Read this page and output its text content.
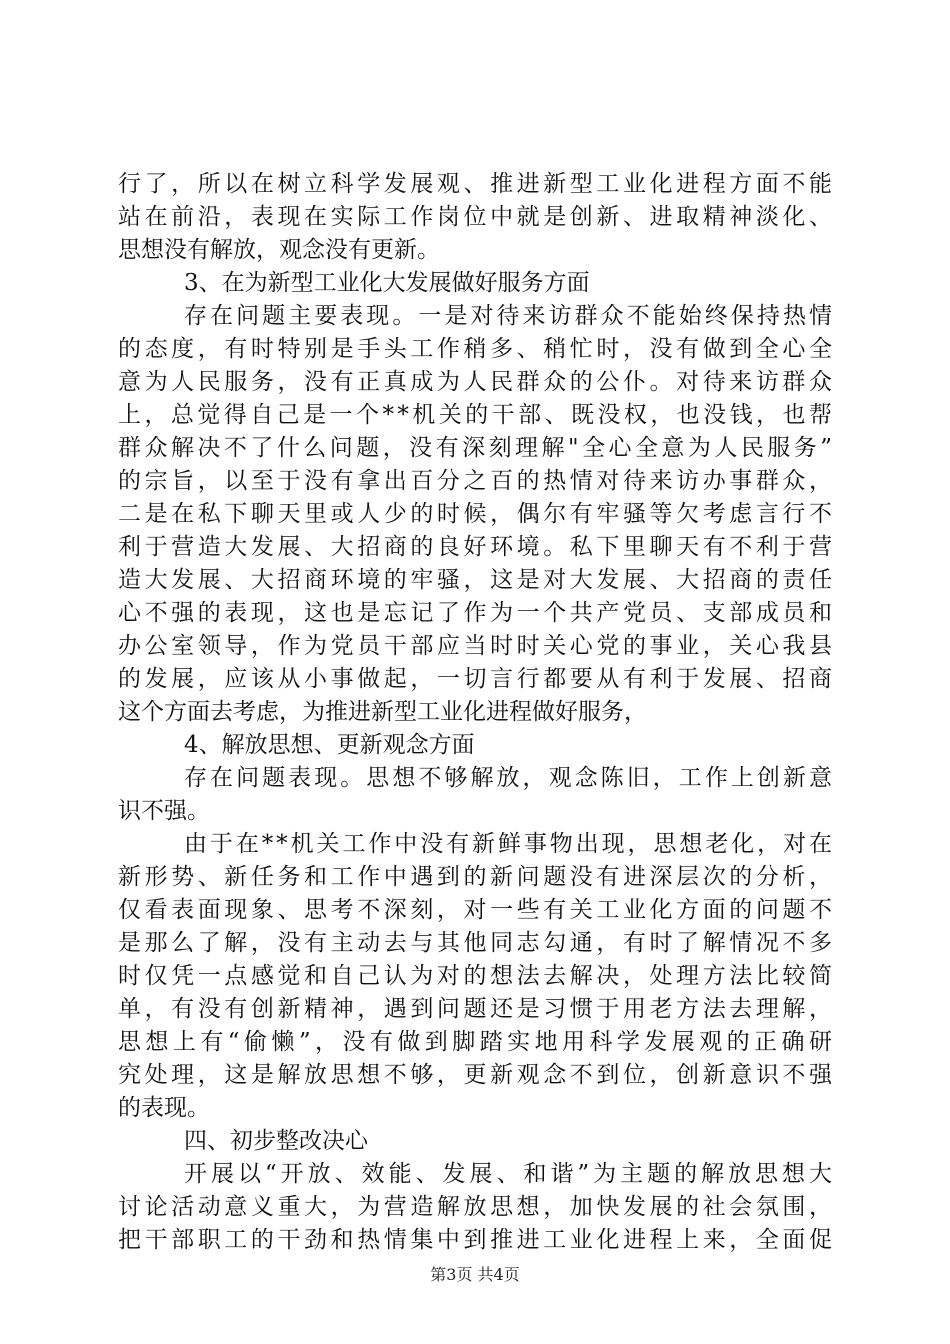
行了，所以在树立科学发展观、推进新型工业化进程方面不能
站在前沿，表现在实际工作岗位中就是创新、进取精神淡化、
思想没有解放，观念没有更新。
3、在为新型工业化大发展做好服务方面
存在问题主要表现。一是对待来访群众不能始终保持热情
的态度，有时特别是手头工作稍多、稍忙时，没有做到全心全
意为人民服务，没有正真成为人民群众的公仆。对待来访群众
上，总觉得自己是一个**机关的干部、既没权，也没钱，也帮
群众解决不了什么问题，没有深刻理解"全心全意为人民服务”
的宗旨，以至于没有拿出百分之百的热情对待来访办事群众，
二是在私下聊天里或人少的时候，偶尔有牢骚等欠考虑言行不
利于营造大发展、大招商的良好环境。私下里聊天有不利于营
造大发展、大招商环境的牢骚，这是对大发展、大招商的责任
心不强的表现，这也是忘记了作为一个共产党员、支部成员和
办公室领导，作为党员干部应当时时关心党的事业，关心我县
的发展，应该从小事做起，一切言行都要从有利于发展、招商
这个方面去考虑，为推进新型工业化进程做好服务，
4、解放思想、更新观念方面
存在问题表现。思想不够解放，观念陈旧，工作上创新意
识不强。
由于在**机关工作中没有新鲜事物出现，思想老化，对在
新形势、新任务和工作中遇到的新问题没有进深层次的分析，
仅看表面现象、思考不深刻，对一些有关工业化方面的问题不
是那么了解，没有主动去与其他同志勾通，有时了解情况不多
时仅凭一点感觉和自己认为对的想法去解决，处理方法比较简
单，有没有创新精神，遇到问题还是习惯于用老方法去理解，
思想上有“偷懒”，没有做到脚踏实地用科学发展观的正确研
究处理，这是解放思想不够，更新观念不到位，创新意识不强
的表现。
四、初步整改决心
开展以“开放、效能、发展、和谐”为主题的解放思想大
讨论活动意义重大，为营造解放思想，加快发展的社会氛围，
把干部职工的干劲和热情集中到推进工业化进程上来，全面促
第3页 共4页
